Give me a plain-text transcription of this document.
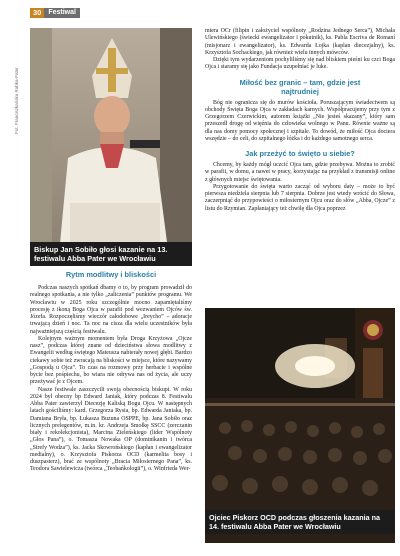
30	Festiwal
Fot. Franciszkańska Rabka-Pater
Biskup Jan Sobiło głosi kazanie na 13. festiwalu Abba Pater we Wrocławiu
Rytm modlitwy i bliskości

Podczas naszych spotkań dbamy o to, by program prowadził do realnego spotkania, a nie tylko „zaliczenia” punktów programu. We Wrocławiu w 2025 roku szczególnie mocno zapamiętaliśmy procesję z ikoną Boga Ojca w parafii pod wezwaniem Ojców św. Józefa. Rozpoczęliśmy wieczór całodobowe „Ireycho” – adoracje trwającą dzień i noc. Ta noc na cisza dla wielu uczestników była najważniejszą częścią festiwalu.

Kolejnym ważnym momentem była Droga Krzyżowa „Ojcze nasz”, podczas której znane od dzieciństwa słowa modlitwy z Ewangelii według świętego Mateusza nabierały nowej głębi. Bardzo ciekawy sobie też zwracają na bliskości w miejsce, które nazywamy „Gospodą u Ojca”. To czas na rozmowy przy herbacie i wspólne bycie bez pośpiechu, bo wiara nie odrywa nas od życia, ale uczy przeżywać je z Ojcem.

Nasze festiwale zaszczycili swoją obecnością biskupi. W roku 2024 był obecny bp Edward Janiak, który podczas 8. Festiwalu Abba Pater zawierzył Diecezję Kaliską Bogu Ojcu. W następnych latach gościliśmy: kard. Grzegorza Rysia, bp. Edwarda Janiaka, bp. Damiana Bryła, bp. Łukasza Buzuna OSPPE, bp. Jana Sobiło oraz licznych prelegentów, m.in. kr. Andrzeja Smołkę SSCC (zerczanin biały i rekolekcjonista), Marcina Zieleńskiego (lider Wspólnoty „Głos Pana”), o. Tomasza Nowaka OP (dominikanin i twórca „Strefy Wodza”), ks. Jacka Skowrońskiego (kapłan i ewangelizator medialny), o. Krzysztofa Piskorza OCD (karmelita bosy i duszpasterz), brać ze wspólnoty „Bracia Miłosiernego Pana”, ks. Teodora Sawielewicza (twórca „Teobańkologii”), o. Winfrieda Wer-

mtera OCr (filipin i założyciel wspólnoty „Rodzina Jednego Serca”), Michała Ulewińskiego (świecki ewangelizator i pokutnik), ks. Pabla Escriva de Romaní (misjonarz i ewangelizator), ks. Edwarda Łojka (kaplan diecezjalny), ks. Krzysztofa Sochackiego, jak również wielu innych mówców.

Dzięki tym wydarzeniom pochyliliśmy się nad bliskiem pieśni ku czci Boga Ojca i staramy się jako Fundacja uzupełniać je luke.

Miłość bez granic – tam, gdzie jest najtrudniej

Bóg nie ogranicza się do murów kościoła. Poruszającym świadectwem są obchody Święta Boga Ojca w zakładach karnych. Współpracujemy przy tym z Grzegorzem Czerwickim, autorem książki „Nie jesteś skazany”, który sam przeszedł drogę od więźnia do człowieka wolnego w Panu. Równie ważne są dla nas domy pomocy społecznej i szpitale. To dowód, że miłość Ojca dociera wszędzie – do celi, do szpitalnego łóżka i do każdego samotnego serca.

Jak przeżyć to święto u siebie?

Chcemy, by każdy mógł uczcić Ojca tam, gdzie przebywa. Można to zrobić w parafii, w domu, a nawet w pracy, korzystając na przykład z transmisji online z głównych miejsc świętowania.

Przygotowanie do święta warto zacząć od wyboru daty – może to być pierwsza niedziela sierpnia lub 7 sierpnia. Dobrze jest wtedy wrócić do Słowa, zaczerpniąć do przypowieści o miłosiernym Ojcu oraz do słów „Abba, Ojcze” z listu do Rzymian. Zapłaniający też chwilę dla Ojca poprzez

Ojciec Piskorz OCD podczas głoszenia kazania na 14. festiwalu Abba Pater we Wrocławiu
